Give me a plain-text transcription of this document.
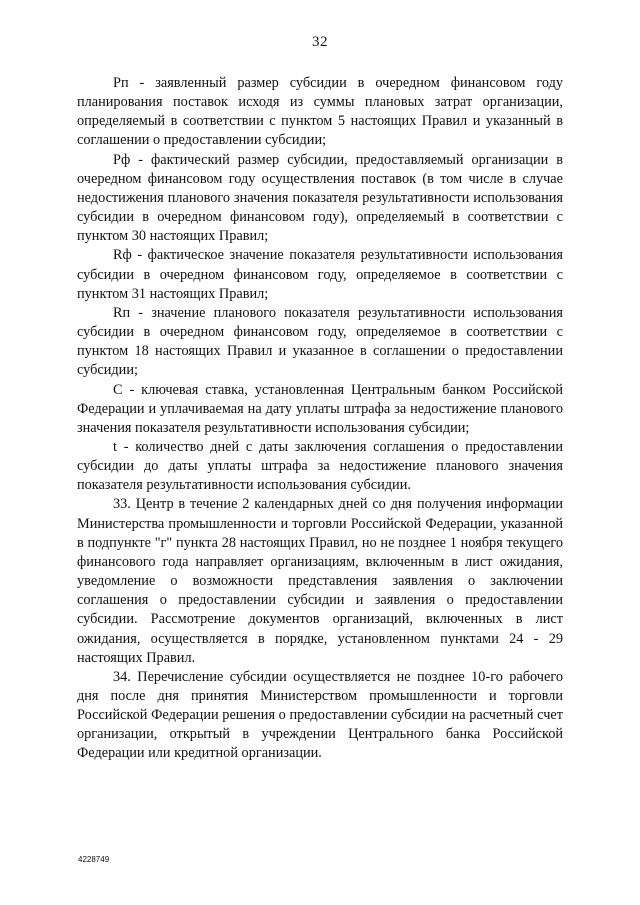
32

Рп - заявленный размер субсидии в очередном финансовом году планирования поставок исходя из суммы плановых затрат организации, определяемый в соответствии с пунктом 5 настоящих Правил и указанный в соглашении о предоставлении субсидии;

Рф - фактический размер субсидии, предоставляемый организации в очередном финансовом году осуществления поставок (в том числе в случае недостижения планового значения показателя результативности использования субсидии в очередном финансовом году), определяемый в соответствии с пунктом 30 настоящих Правил;

Rф - фактическое значение показателя результативности использования субсидии в очередном финансовом году, определяемое в соответствии с пунктом 31 настоящих Правил;

Rп - значение планового показателя результативности использования субсидии в очередном финансовом году, определяемое в соответствии с пунктом 18 настоящих Правил и указанное в соглашении о предоставлении субсидии;

С - ключевая ставка, установленная Центральным банком Российской Федерации и уплачиваемая на дату уплаты штрафа за недостижение планового значения показателя результативности использования субсидии;

t - количество дней с даты заключения соглашения о предоставлении субсидии до даты уплаты штрафа за недостижение планового значения показателя результативности использования субсидии.

33. Центр в течение 2 календарных дней со дня получения информации Министерства промышленности и торговли Российской Федерации, указанной в подпункте "г" пункта 28 настоящих Правил, но не позднее 1 ноября текущего финансового года направляет организациям, включенным в лист ожидания, уведомление о возможности представления заявления о заключении соглашения о предоставлении субсидии и заявления о предоставлении субсидии. Рассмотрение документов организаций, включенных в лист ожидания, осуществляется в порядке, установленном пунктами 24 - 29 настоящих Правил.

34. Перечисление субсидии осуществляется не позднее 10-го рабочего дня после дня принятия Министерством промышленности и торговли Российской Федерации решения о предоставлении субсидии на расчетный счет организации, открытый в учреждении Центрального банка Российской Федерации или кредитной организации.

4228749
